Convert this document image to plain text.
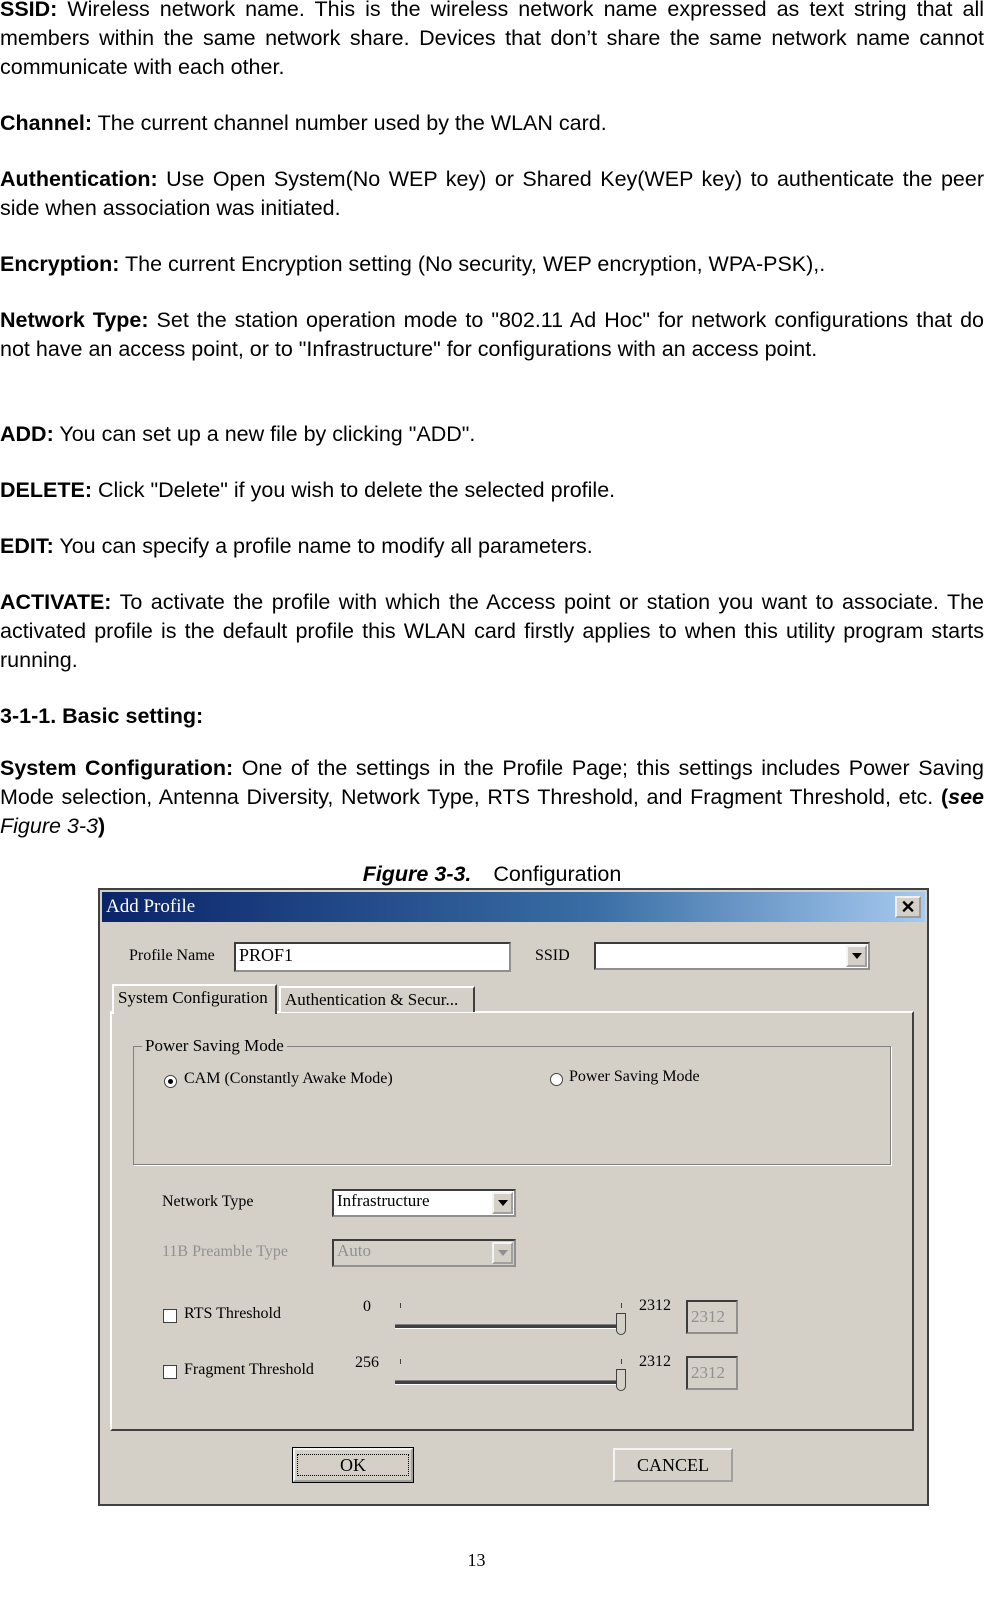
SSID: Wireless network name. This is the wireless network name expressed as text string that all members within the same network share. Devices that don’t share the same network name cannot communicate with each other.

Channel: The current channel number used by the WLAN card.

Authentication: Use Open System(No WEP key) or Shared Key(WEP key) to authenticate the peer side when association was initiated.

Encryption: The current Encryption setting (No security, WEP encryption, WPA-PSK),.

Network Type: Set the station operation mode to "802.11 Ad Hoc" for network configurations that do not have an access point, or to "Infrastructure" for configurations with an access point.

ADD: You can set up a new file by clicking "ADD".

DELETE: Click "Delete" if you wish to delete the selected profile.

EDIT: You can specify a profile name to modify all parameters.

ACTIVATE: To activate the profile with which the Access point or station you want to associate. The activated profile is the default profile this WLAN card firstly applies to when this utility program starts running.

3-1-1. Basic setting:

System Configuration: One of the settings in the Profile Page; this settings includes Power Saving Mode selection, Antenna Diversity, Network Type, RTS Threshold, and Fragment Threshold, etc. (see Figure 3-3)

Figure 3-3. Configuration
Add Profile	✕
Profile Name PROF1	SSID
System Configuration	Authentication & Secur...
Power Saving Mode
CAM (Constantly Awake Mode)	Power Saving Mode
Network Type	Infrastructure
11B Preamble Type	Auto
RTS Threshold	0	2312
2312
Fragment Threshold	256	2312
2312
OK	CANCEL
13
